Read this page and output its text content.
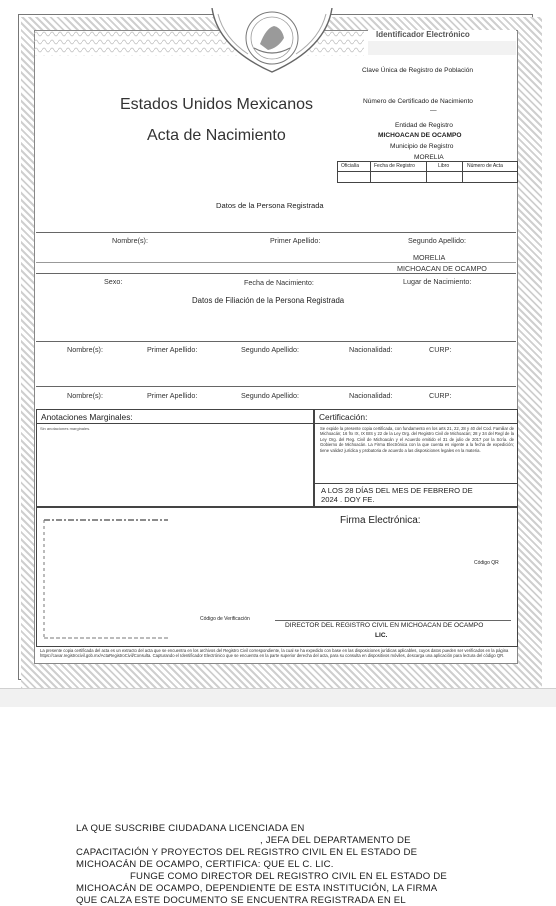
Identificador Electrónico
Clave Única de Registro de Población
Estados Unidos Mexicanos
Acta de Nacimiento
Número de Certificado de Nacimiento
—
Entidad de Registro
MICHOACAN DE OCAMPO
Municipio de Registro
MORELIA
Oficialía	Fecha de Registro	Libro	Número de Acta
Datos de la Persona Registrada
Nombre(s):	Primer Apellido:	Segundo Apellido:
MORELIA
MICHOACAN DE OCAMPO
Sexo:	Fecha de Nacimiento:	Lugar de Nacimiento:
Datos de Filiación de la Persona Registrada
Nombre(s):	Primer Apellido:	Segundo Apellido:	Nacionalidad:	CURP:
Nombre(s):	Primer Apellido:	Segundo Apellido:	Nacionalidad:	CURP:
Anotaciones Marginales:
Sin anotaciones marginales.
Certificación:
Se expide la presente copia certificada, con fundamento en los arts 21, 22, 28 y 40 del Cod. Familiar de Michoacán; 16 frx IX, IX BIS y 22 de la Ley Org. del Registro Civil de Michoacán; 28 y 34 del Regl de la Ley Org. del Reg. Civil de Michoacán y el Acuerdo emitido el 31 de julio de 2017 por la Scría. de Gobierno de Michoacán. La Firma Electrónica con la que cuenta es vigente a la fecha de expedición; tiene validez jurídica y probatoria de acuerdo a las disposiciones legales en la materia.
A LOS 28 DÍAS DEL MES DE FEBRERO DE
2024 . DOY FE.
Firma Electrónica:
Código QR
Código de Verificación
DIRECTOR DEL REGISTRO CIVIL EN MICHOACAN DE OCAMPO
LIC.
La presente copia certificada del acta es un extracto del acta que se encuentra en los archivos del Registro Civil correspondiente, la cual se ha expedido con base en las disposiciones jurídicas aplicables, cuyos datos pueden ser verificados en la página https://cavar.registrocivil.gob.mx/ActaRegistroCivil/Consulta. Capturando el Identificador Electrónico que se encuentra en la parte superior derecha del acta, para su consulta en dispositivos móviles, descarga una aplicación para lectura del código QR.
LA QUE SUSCRIBE CIUDADANA LICENCIADA EN
, JEFA DEL DEPARTAMENTO DE
CAPACITACIÓN Y PROYECTOS DEL REGISTRO CIVIL EN EL ESTADO DE
MICHOACÁN DE OCAMPO, CERTIFICA: QUE EL C. LIC.
FUNGE COMO DIRECTOR DEL REGISTRO CIVIL EN EL ESTADO DE
MICHOACÁN DE OCAMPO, DEPENDIENTE DE ESTA INSTITUCIÓN, LA FIRMA
QUE CALZA ESTE DOCUMENTO SE ENCUENTRA REGISTRADA EN EL
